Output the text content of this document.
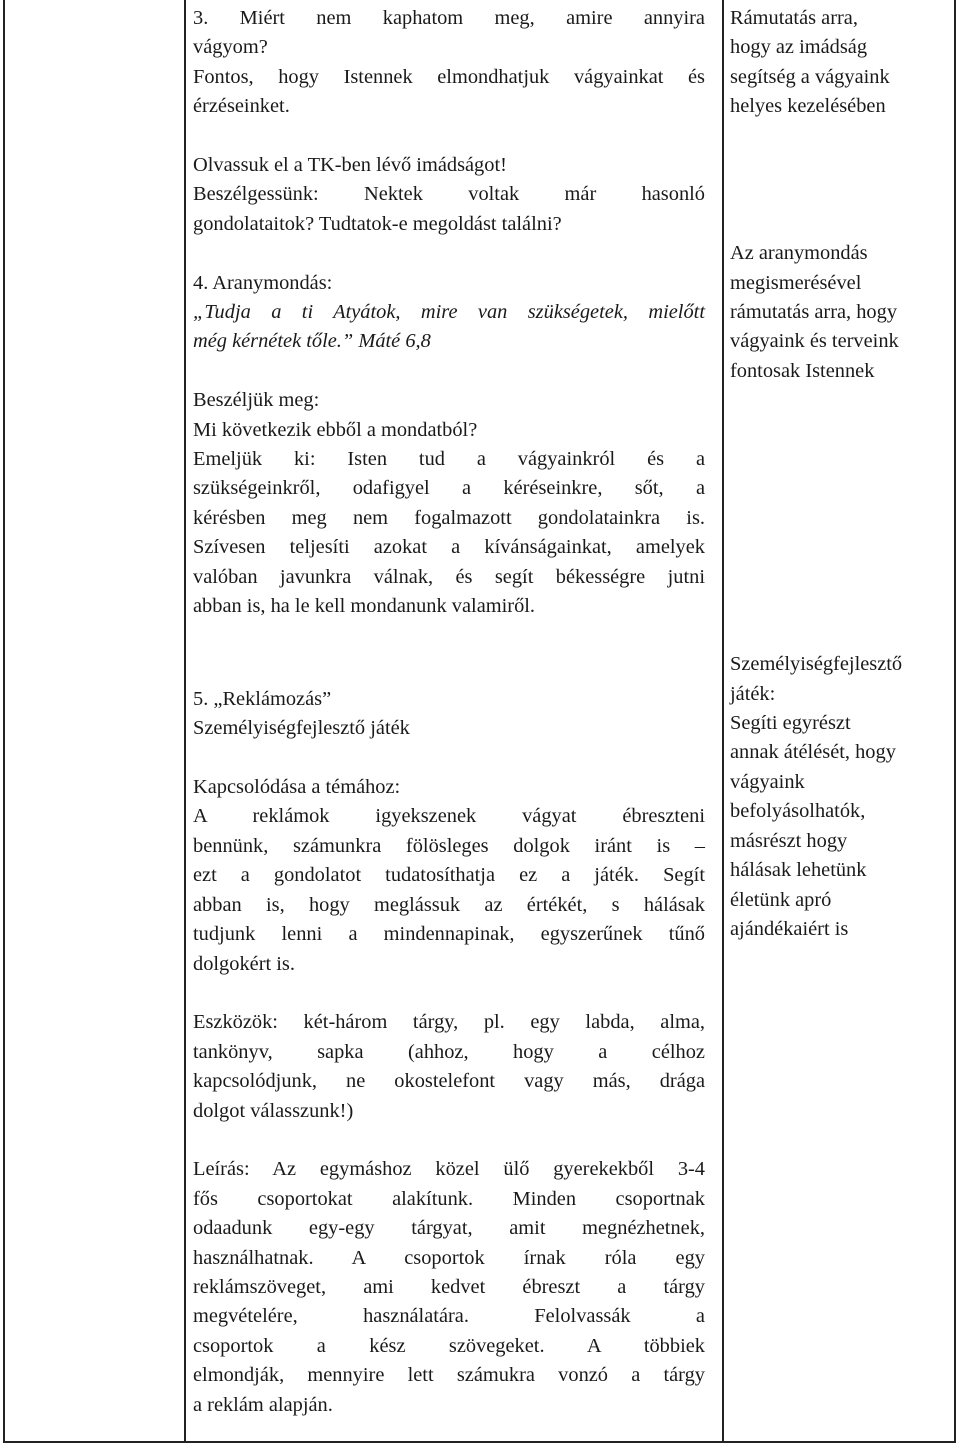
3. Miért nem kaphatom meg, amire annyira
vágyom?
Fontos, hogy Istennek elmondhatjuk vágyainkat és
érzéseinket.
Olvassuk el a TK-ben lévő imádságot!
Beszélgessünk: Nektek voltak már hasonló
gondolataitok? Tudtatok-e megoldást találni?
4. Aranymondás:
„Tudja a ti Atyátok, mire van szükségetek, mielőtt
még kérnétek tőle.” Máté 6,8
Beszéljük meg:
Mi következik ebből a mondatból?
Emeljük ki: Isten tud a vágyainkról és a
szükségeinkről, odafigyel a kéréseinkre, sőt, a
kérésben meg nem fogalmazott gondolatainkra is.
Szívesen teljesíti azokat a kívánságainkat, amelyek
valóban javunkra válnak, és segít békességre jutni
abban is, ha le kell mondanunk valamiről.
5. „Reklámozás”
Személyiségfejlesztő játék
Kapcsolódása a témához:
A reklámok igyekszenek vágyat ébreszteni
bennünk, számunkra fölösleges dolgok iránt is –
ezt a gondolatot tudatosíthatja ez a játék. Segít
abban is, hogy meglássuk az értékét, s hálásak
tudjunk lenni a mindennapinak, egyszerűnek tűnő
dolgokért is.
Eszközök: két-három tárgy, pl. egy labda, alma,
tankönyv, sapka (ahhoz, hogy a célhoz
kapcsolódjunk, ne okostelefont vagy más, drága
dolgot válasszunk!)
Leírás: Az egymáshoz közel ülő gyerekekből 3-4
fős csoportokat alakítunk. Minden csoportnak
odaadunk egy-egy tárgyat, amit megnézhetnek,
használhatnak. A csoportok írnak róla egy
reklámszöveget, ami kedvet ébreszt a tárgy
megvételére, használatára. Felolvassák a
csoportok a kész szövegeket. A többiek
elmondják, mennyire lett számukra vonzó a tárgy
a reklám alapján.
Rámutatás arra,
hogy az imádság
segítség a vágyaink
helyes kezelésében
Az aranymondás
megismerésével
rámutatás arra, hogy
vágyaink és terveink
fontosak Istennek
Személyiségfejlesztő
játék:
Segíti egyrészt
annak átélését, hogy
vágyaink
befolyásolhatók,
másrészt hogy
hálásak lehetünk
életünk apró
ajándékaiért is
